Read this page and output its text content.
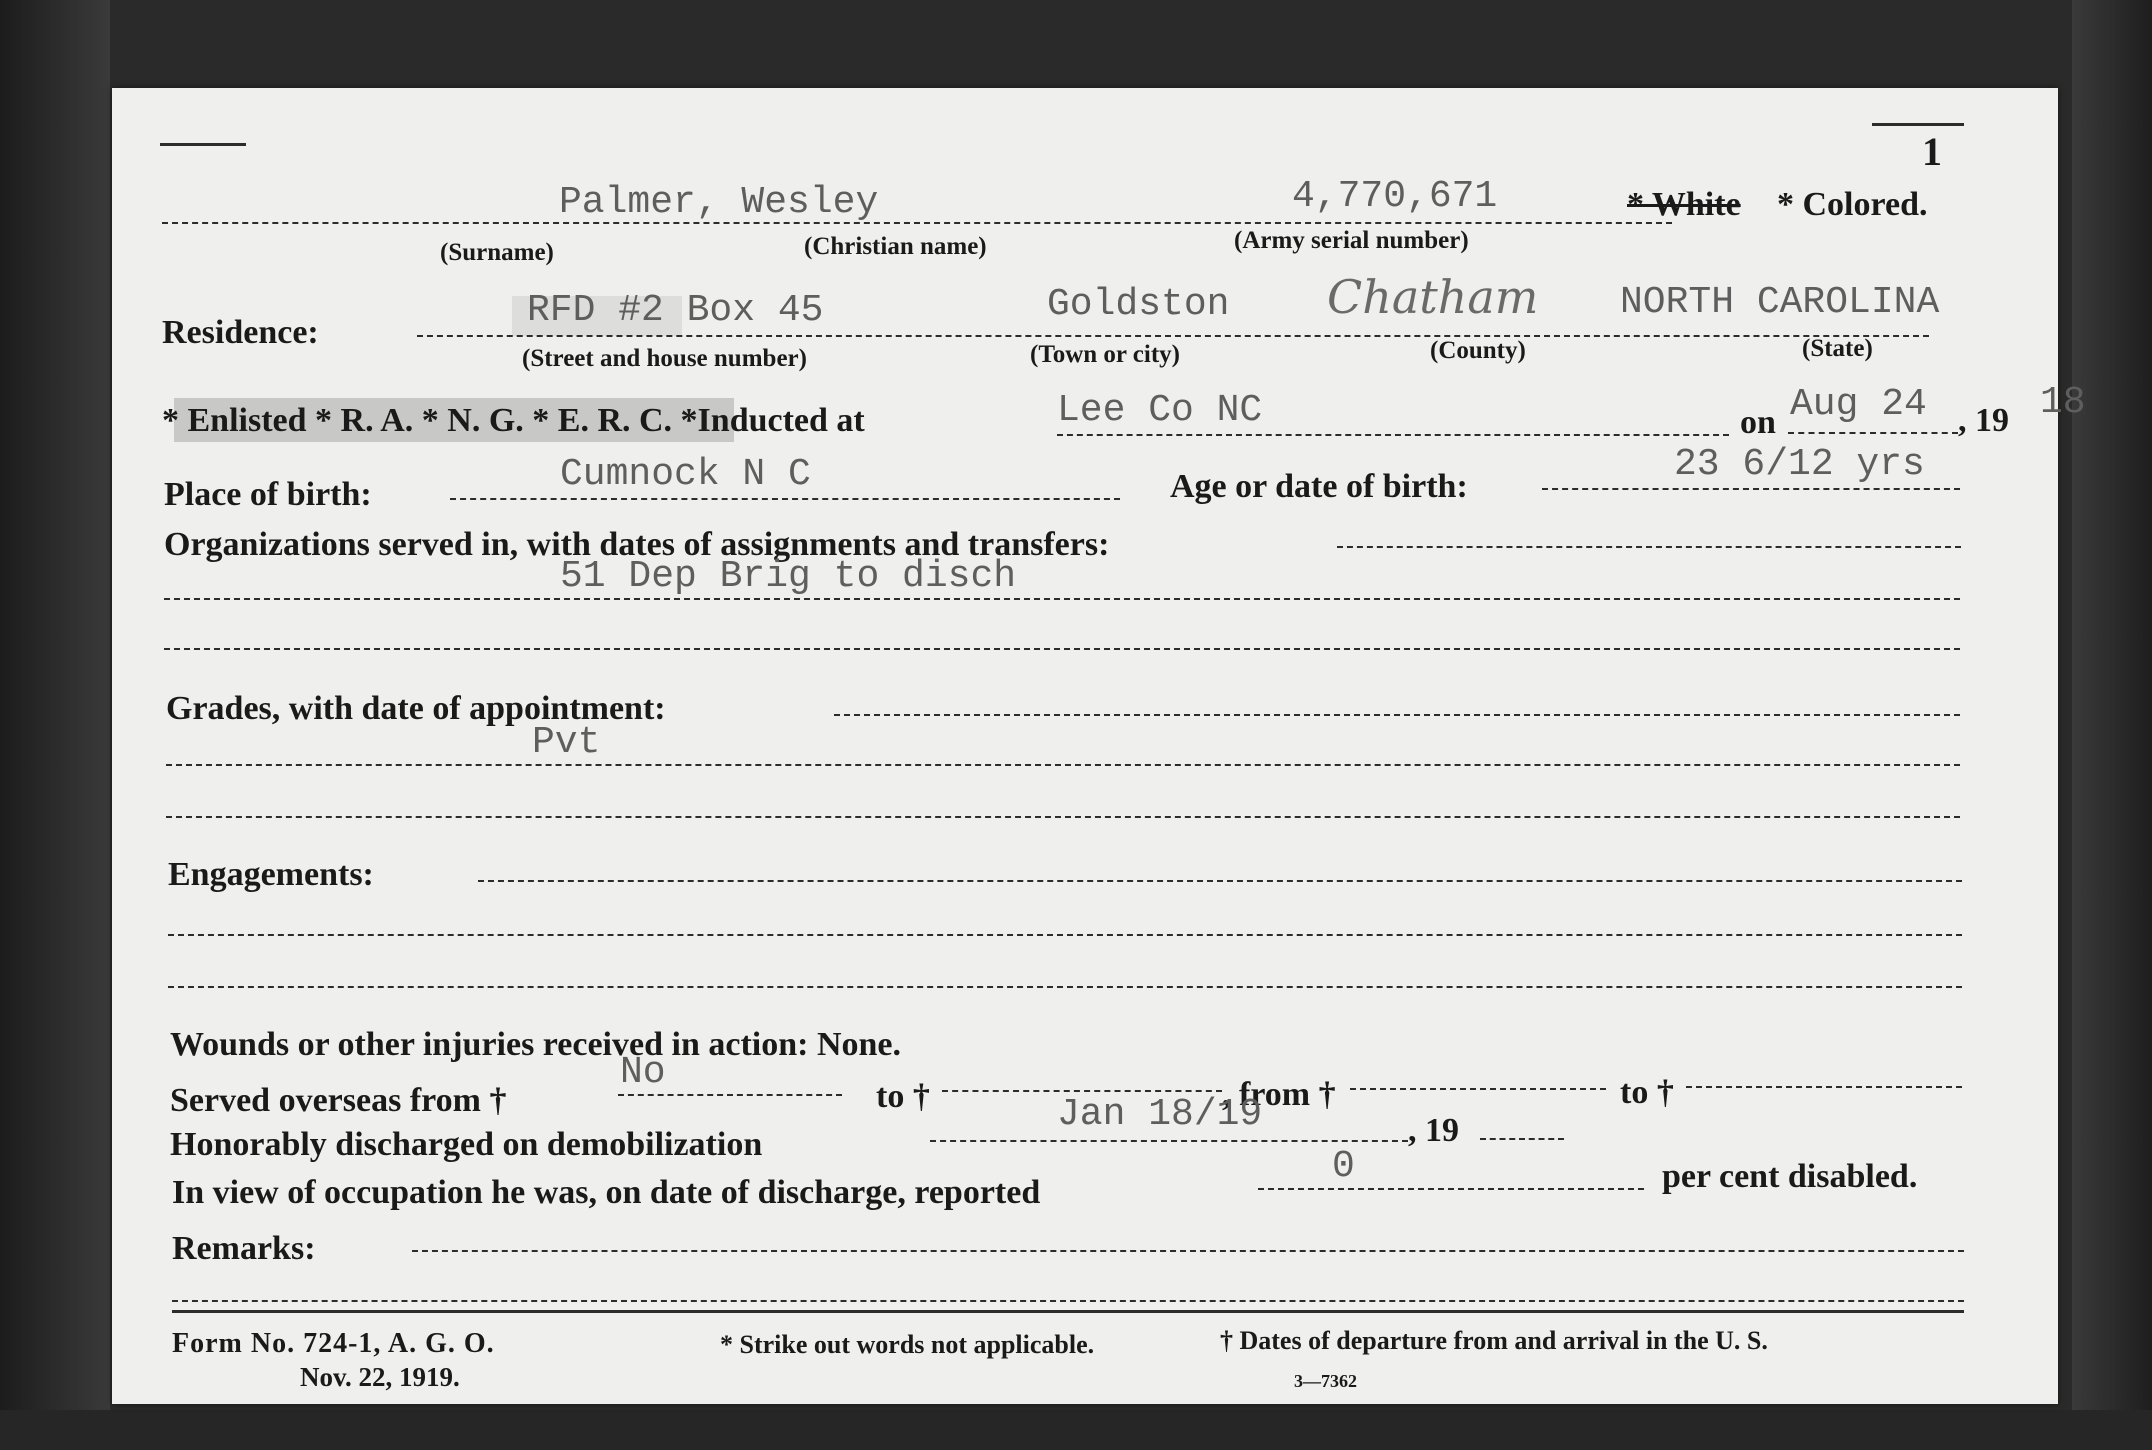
1
Palmer, Wesley	4,770,671	* White * Colored.
(Surname)	(Christian name)	(Army serial number)
Residence:
RFD #2 Box 45	Goldston Chatham NORTH CAROLINA
(Street and house number)	(Town or city)	(County)	(State)
* Enlisted * R. A. * N. G. * E. R. C. *Inducted at	Lee Co NC	on Aug 24 , 19 18
Place of birth:	Cumnock N C	Age or date of birth:
23 6/12 yrs
Organizations served in, with dates of assignments and transfers:
51 Dep Brig to disch
Grades, with date of appointment:
Pvt
Engagements:
Wounds or other injuries received in action: None.
Served overseas from †
No
to †	, from †	to †
Honorably discharged on demobilization
Jan 18/19	, 19
In view of occupation he was, on date of discharge, reported
0	per cent disabled.
Remarks:
Form No. 724-1, A. G. O.
Nov. 22, 1919.
* Strike out words not applicable.	† Dates of departure from and arrival in the U. S.
3—7362
